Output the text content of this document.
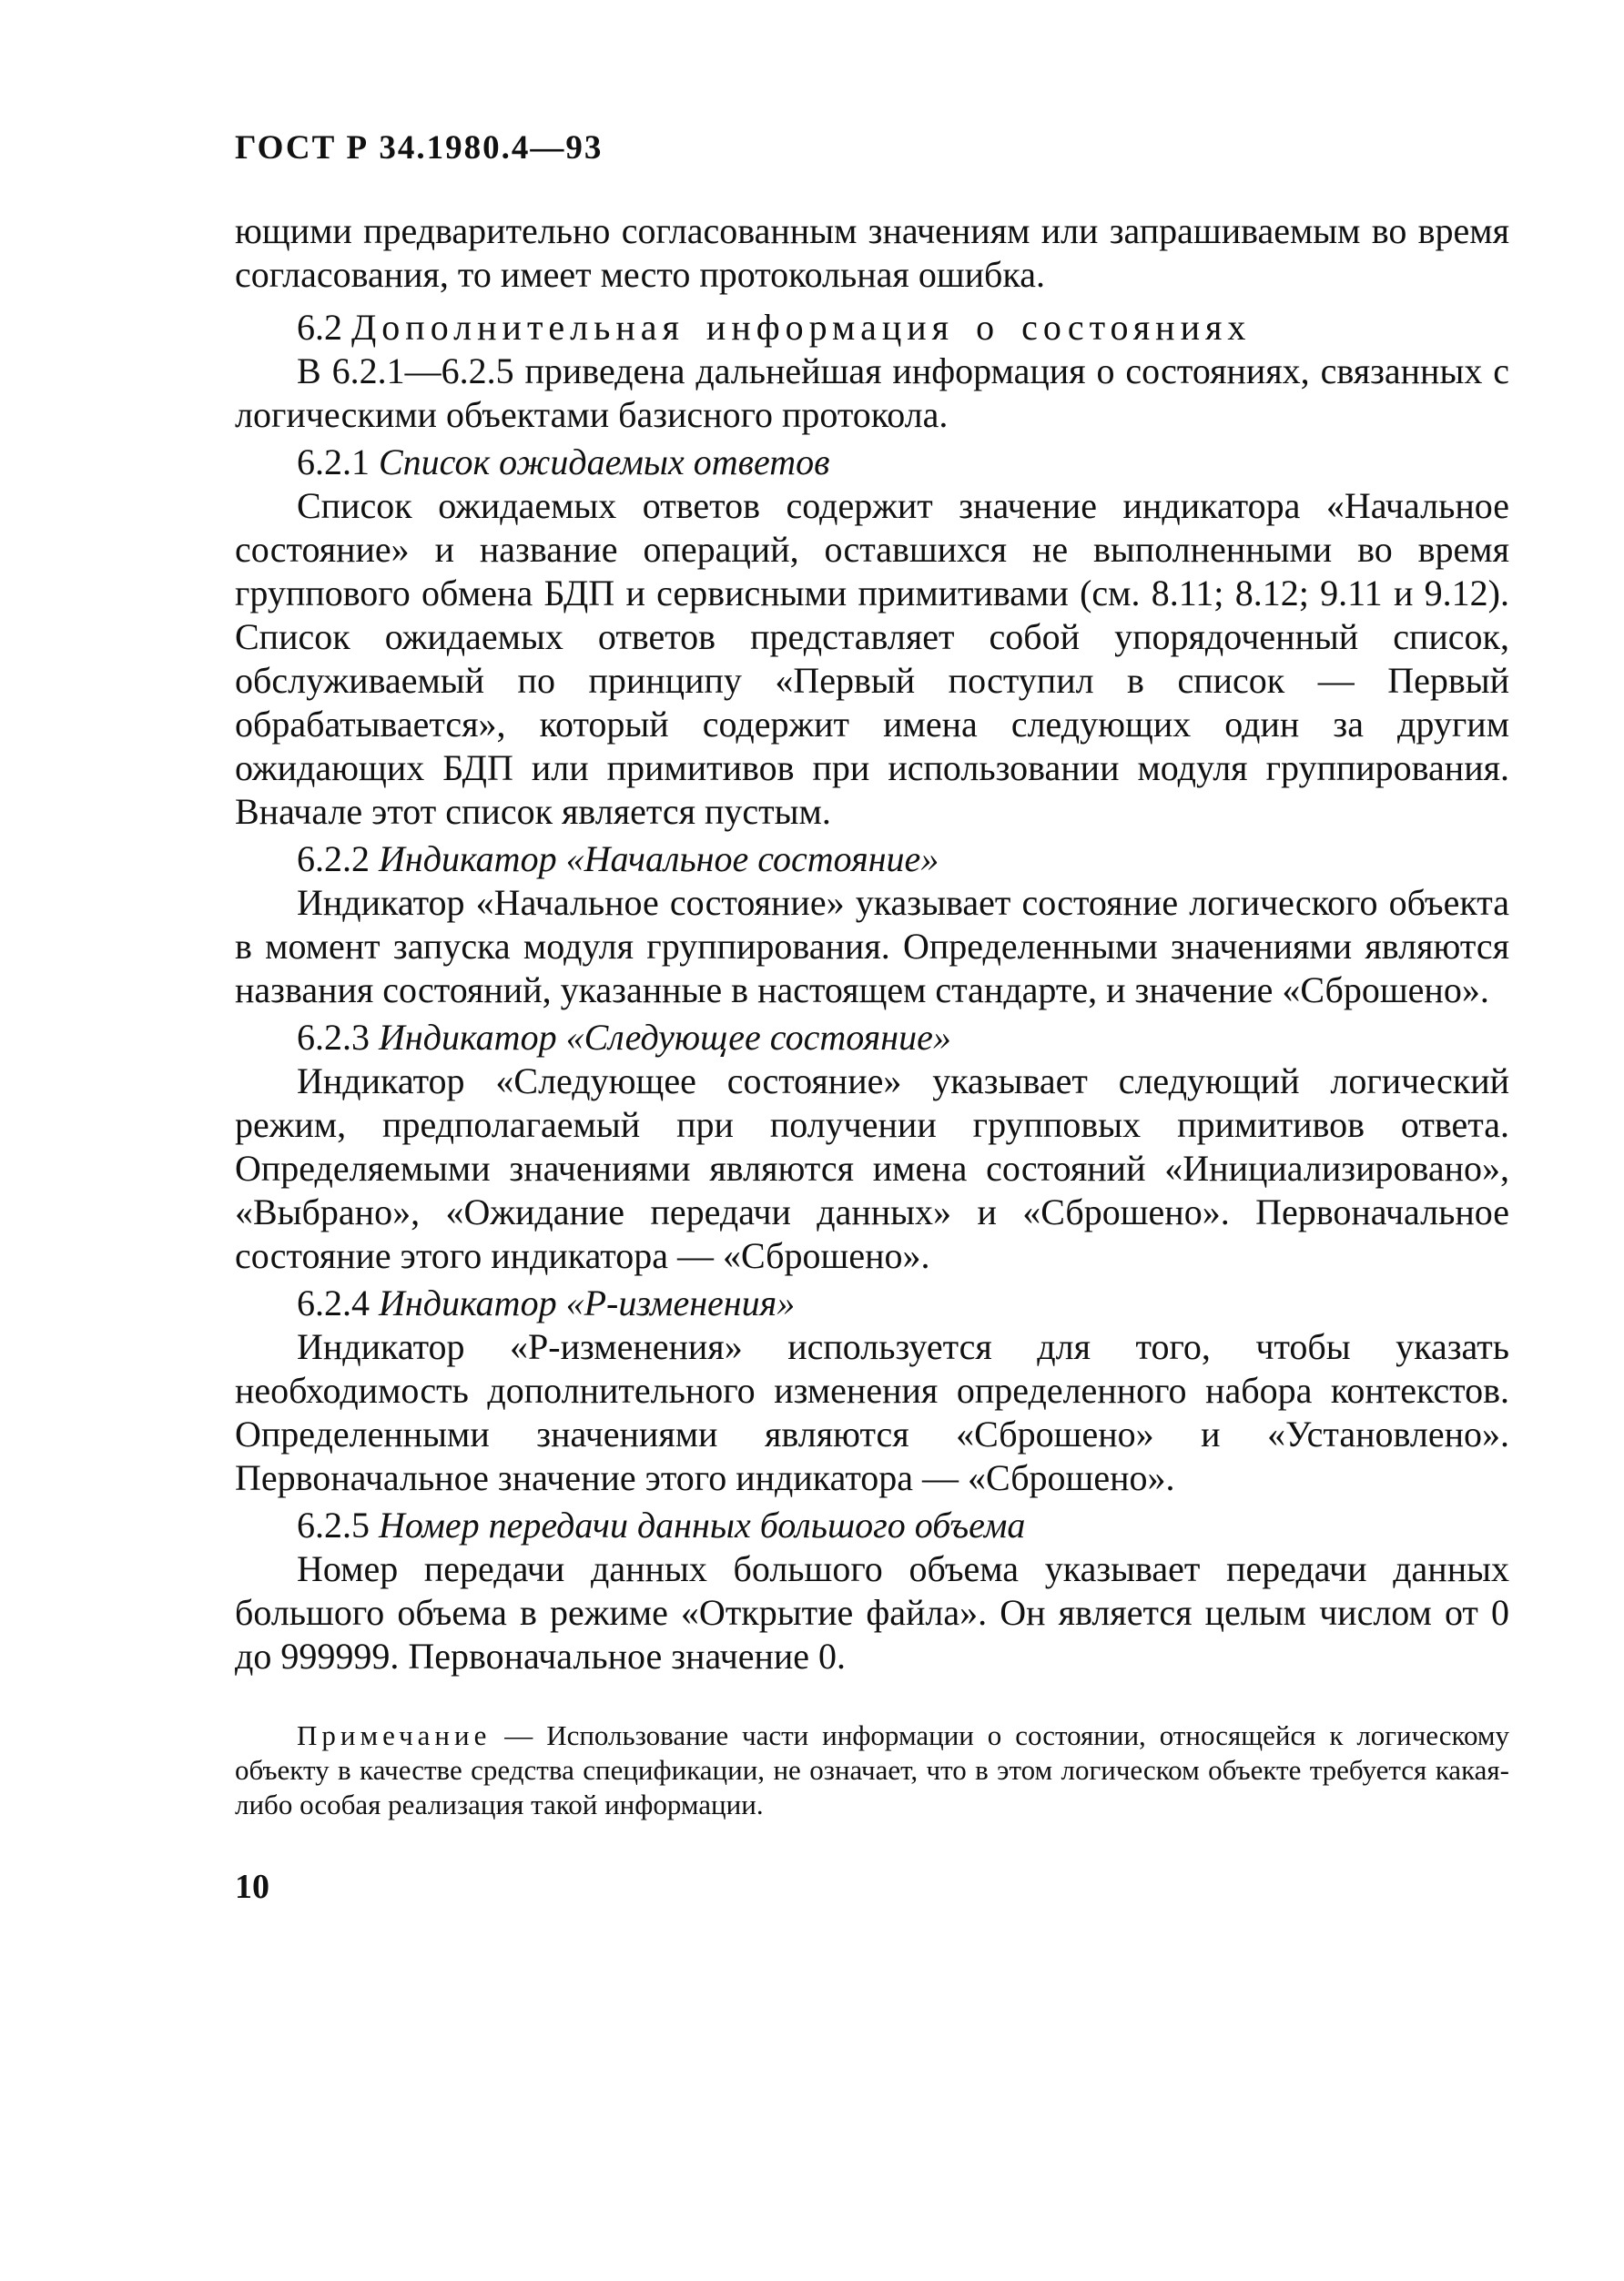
ГОСТ Р 34.1980.4—93

ющими предварительно согласованным значениям или запрашиваемым во время согласования, то имеет место протокольная ошибка.

6.2 Дополнительная информация о состояниях

В 6.2.1—6.2.5 приведена дальнейшая информация о состояниях, связанных с логическими объектами базисного протокола.

6.2.1 Список ожидаемых ответов

Список ожидаемых ответов содержит значение индикатора «Начальное состояние» и название операций, оставшихся не выполненными во время группового обмена БДП и сервисными примитивами (см. 8.11; 8.12; 9.11 и 9.12). Список ожидаемых ответов представляет собой упорядоченный список, обслуживаемый по принципу «Первый поступил в список — Первый обрабатывается», который содержит имена следующих один за другим ожидающих БДП или примитивов при использовании модуля группирования. Вначале этот список является пустым.

6.2.2 Индикатор «Начальное состояние»

Индикатор «Начальное состояние» указывает состояние логического объекта в момент запуска модуля группирования. Определенными значениями являются названия состояний, указанные в настоящем стандарте, и значение «Сброшено».

6.2.3 Индикатор «Следующее состояние»

Индикатор «Следующее состояние» указывает следующий логический режим, предполагаемый при получении групповых примитивов ответа. Определяемыми значениями являются имена состояний «Инициализировано», «Выбрано», «Ожидание передачи данных» и «Сброшено». Первоначальное состояние этого индикатора — «Сброшено».

6.2.4 Индикатор «Р-изменения»

Индикатор «Р-изменения» используется для того, чтобы указать необходимость дополнительного изменения определенного набора контекстов. Определенными значениями являются «Сброшено» и «Установлено». Первоначальное значение этого индикатора — «Сброшено».

6.2.5 Номер передачи данных большого объема

Номер передачи данных большого объема указывает передачи данных большого объема в режиме «Открытие файла». Он является целым числом от 0 до 999999. Первоначальное значение 0.

Примечание — Использование части информации о состоянии, относящейся к логическому объекту в качестве средства спецификации, не означает, что в этом логическом объекте требуется какая-либо особая реализация такой информации.

10
